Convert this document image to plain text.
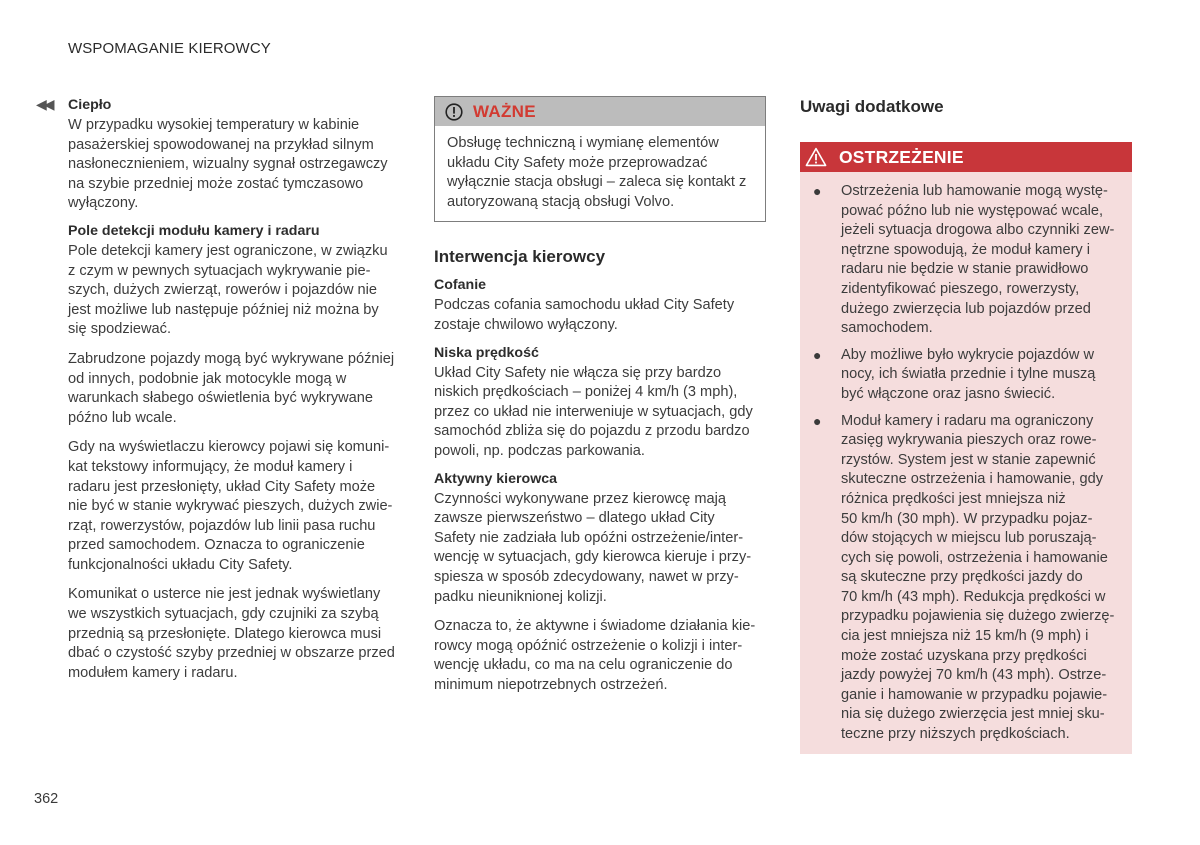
WSPOMAGANIE KIEROWCY
◀◀ Ciepło

W przypadku wysokiej temperatury w kabinie
pasażerskiej spowodowanej na przykład silnym
nasłonecznieniem, wizualny sygnał ostrzegawczy
na szybie przedniej może zostać tymczasowo
wyłączony.

Pole detekcji modułu kamery i radaru

Pole detekcji kamery jest ograniczone, w związku
z czym w pewnych sytuacjach wykrywanie pie-
szych, dużych zwierząt, rowerów i pojazdów nie
jest możliwe lub następuje później niż można by
się spodziewać.

Zabrudzone pojazdy mogą być wykrywane później
od innych, podobnie jak motocykle mogą w
warunkach słabego oświetlenia być wykrywane
późno lub wcale.

Gdy na wyświetlaczu kierowcy pojawi się komuni-
kat tekstowy informujący, że moduł kamery i
radaru jest przesłonięty, układ City Safety może
nie być w stanie wykrywać pieszych, dużych zwie-
rząt, rowerzystów, pojazdów lub linii pasa ruchu
przed samochodem. Oznacza to ograniczenie
funkcjonalności układu City Safety.

Komunikat o usterce nie jest jednak wyświetlany
we wszystkich sytuacjach, gdy czujniki za szybą
przednią są przesłonięte. Dlatego kierowca musi
dbać o czystość szyby przedniej w obszarze przed
modułem kamery i radaru.

WAŻNE

Obsługę techniczną i wymianę elementów
układu City Safety może przeprowadzać
wyłącznie stacja obsługi – zaleca się kontakt z
autoryzowaną stacją obsługi Volvo.

Interwencja kierowcy
Cofanie

Podczas cofania samochodu układ City Safety
zostaje chwilowo wyłączony.

Niska prędkość

Układ City Safety nie włącza się przy bardzo
niskich prędkościach – poniżej 4 km/h (3 mph),
przez co układ nie interweniuje w sytuacjach, gdy
samochód zbliża się do pojazdu z przodu bardzo
powoli, np. podczas parkowania.

Aktywny kierowca

Czynności wykonywane przez kierowcę mają
zawsze pierwszeństwo – dlatego układ City
Safety nie zadziała lub opóźni ostrzeżenie/inter-
wencję w sytuacjach, gdy kierowca kieruje i przy-
spiesza w sposób zdecydowany, nawet w przy-
padku nieuniknionej kolizji.

Oznacza to, że aktywne i świadome działania kie-
rowcy mogą opóźnić ostrzeżenie o kolizji i inter-
wencję układu, co ma na celu ograniczenie do
minimum niepotrzebnych ostrzeżeń.

Uwagi dodatkowe
OSTRZEŻENIE
●	Ostrzeżenia lub hamowanie mogą wystę-
pować późno lub nie występować wcale,
jeżeli sytuacja drogowa albo czynniki zew-
nętrzne spowodują, że moduł kamery i
radaru nie będzie w stanie prawidłowo
zidentyfikować pieszego, rowerzysty,
dużego zwierzęcia lub pojazdów przed
samochodem.

●	Aby możliwe było wykrycie pojazdów w
nocy, ich światła przednie i tylne muszą
być włączone oraz jasno świecić.

●	Moduł kamery i radaru ma ograniczony
zasięg wykrywania pieszych oraz rowe-
rzystów. System jest w stanie zapewnić
skuteczne ostrzeżenia i hamowanie, gdy
różnica prędkości jest mniejsza niż
50 km/h (30 mph). W przypadku pojaz-
dów stojących w miejscu lub poruszają-
cych się powoli, ostrzeżenia i hamowanie
są skuteczne przy prędkości jazdy do
70 km/h (43 mph). Redukcja prędkości w
przypadku pojawienia się dużego zwierzę-
cia jest mniejsza niż 15 km/h (9 mph) i
może zostać uzyskana przy prędkości
jazdy powyżej 70 km/h (43 mph). Ostrze-
ganie i hamowanie w przypadku pojawie-
nia się dużego zwierzęcia jest mniej sku-
teczne przy niższych prędkościach.

362
